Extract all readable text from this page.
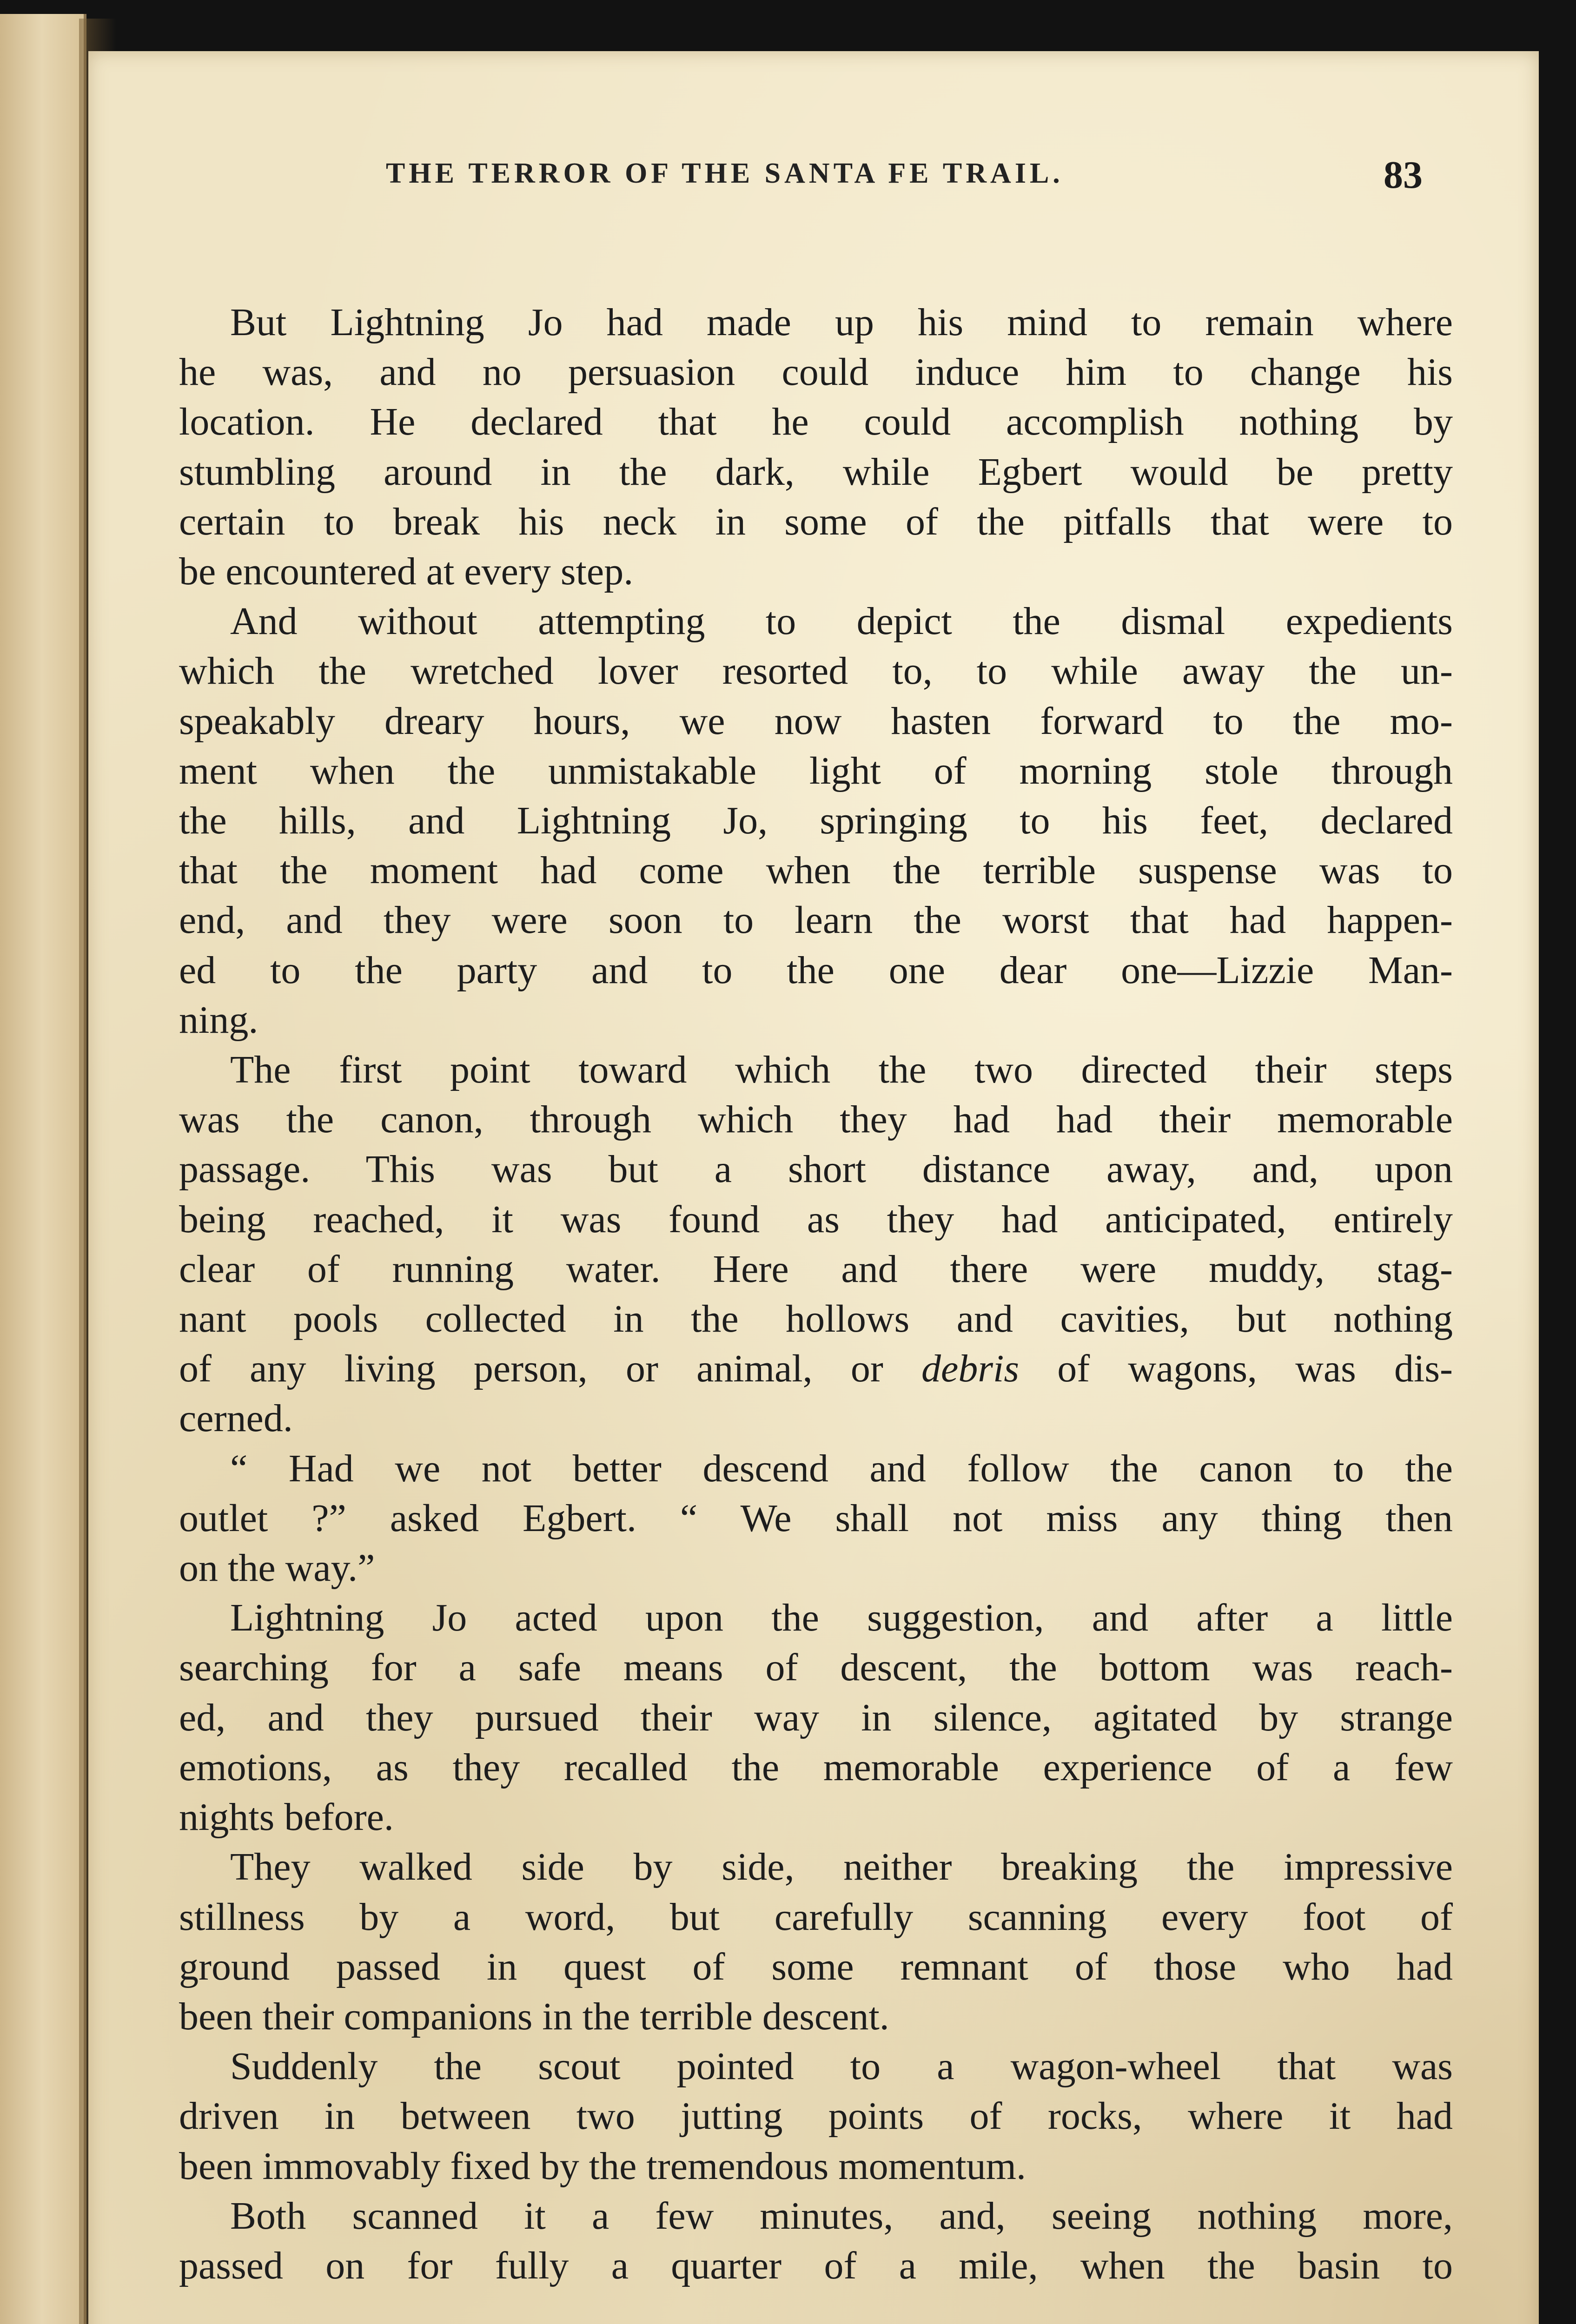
THE TERROR OF THE SANTA FE TRAIL.	83
But Lightning Jo had made up his mind to remain where
he was, and no persuasion could induce him to change his
location. He declared that he could accomplish nothing by
stumbling around in the dark, while Egbert would be pretty
certain to break his neck in some of the pitfalls that were to
be encountered at every step.
And without attempting to depict the dismal expedients
which the wretched lover resorted to, to while away the un-
speakably dreary hours, we now hasten forward to the mo-
ment when the unmistakable light of morning stole through
the hills, and Lightning Jo, springing to his feet, declared
that the moment had come when the terrible suspense was to
end, and they were soon to learn the worst that had happen-
ed to the party and to the one dear one—Lizzie Man-
ning.
The first point toward which the two directed their steps
was the canon, through which they had had their memorable
passage. This was but a short distance away, and, upon
being reached, it was found as they had anticipated, entirely
clear of running water. Here and there were muddy, stag-
nant pools collected in the hollows and cavities, but nothing
of any living person, or animal, or debris of wagons, was dis-
cerned.
“ Had we not better descend and follow the canon to the
outlet ?” asked Egbert. “ We shall not miss any thing then
on the way.”
Lightning Jo acted upon the suggestion, and after a little
searching for a safe means of descent, the bottom was reach-
ed, and they pursued their way in silence, agitated by strange
emotions, as they recalled the memorable experience of a few
nights before.
They walked side by side, neither breaking the impressive
stillness by a word, but carefully scanning every foot of
ground passed in quest of some remnant of those who had
been their companions in the terrible descent.
Suddenly the scout pointed to a wagon-wheel that was
driven in between two jutting points of rocks, where it had
been immovably fixed by the tremendous momentum.
Both scanned it a few minutes, and, seeing nothing more,
passed on for fully a quarter of a mile, when the basin to
